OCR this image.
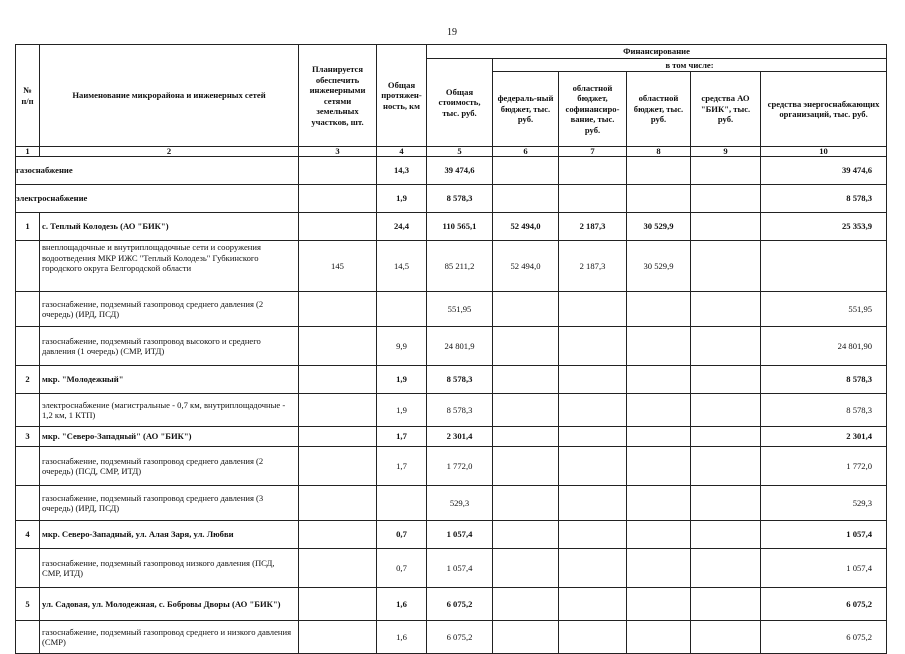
19
№ п/п	Наименование микрорайона и инженерных сетей	Планируется обеспечить инженерными сетями земельных участков, шт.	Общая протяжен-ность, км	Финансирование					
				Общая стоимость, тыс. руб.	в том числе:				
					федераль-ный бюджет, тыс. руб.	областной бюджет, софинансиро-вание, тыс. руб.	областной бюджет, тыс. руб.	средства АО "БИК", тыс. руб.	средства энергоснабжающих организаций, тыс. руб.
1	2	3	4	5	6	7	8	9	10
газоснабжение			14,3	39 474,6					39 474,6
электроснабжение			1,9	8 578,3					8 578,3
1	с. Теплый Колодезь (АО "БИК")		24,4	110 565,1	52 494,0	2 187,3	30 529,9		25 353,9
	внеплощадочные и внутриплощадочные сети и сооружения водоотведения МКР ИЖС "Теплый Колодезь" Губкинского городского округа Белгородской области	145	14,5	85 211,2	52 494,0	2 187,3	30 529,9		
	газоснабжение, подземный газопровод среднего давления (2 очередь) (ИРД, ПСД)			551,95					551,95
	газоснабжение, подземный газопровод высокого и среднего давления (1 очередь) (СМР, ИТД)		9,9	24 801,9					24 801,90
2	мкр. "Молодежный"		1,9	8 578,3					8 578,3
	электроснабжение (магистральные - 0,7 км, внутриплощадочные - 1,2 км, 1 КТП)		1,9	8 578,3					8 578,3
3	мкр. "Северо-Западный" (АО "БИК")		1,7	2 301,4					2 301,4
	газоснабжение, подземный газопровод среднего давления (2 очередь) (ПСД, СМР, ИТД)		1,7	1 772,0					1 772,0
	газоснабжение, подземный газопровод среднего давления (3 очередь) (ИРД, ПСД)			529,3					529,3
4	мкр. Северо-Западный, ул. Алая Заря, ул. Любви		0,7	1 057,4					1 057,4
	газоснабжение, подземный газопровод низкого давления (ПСД, СМР, ИТД)		0,7	1 057,4					1 057,4
5	ул. Садовая, ул. Молодежная, с. Бобровы Дворы (АО "БИК")		1,6	6 075,2					6 075,2
	газоснабжение, подземный газопровод среднего и низкого давления (СМР)		1,6	6 075,2					6 075,2
